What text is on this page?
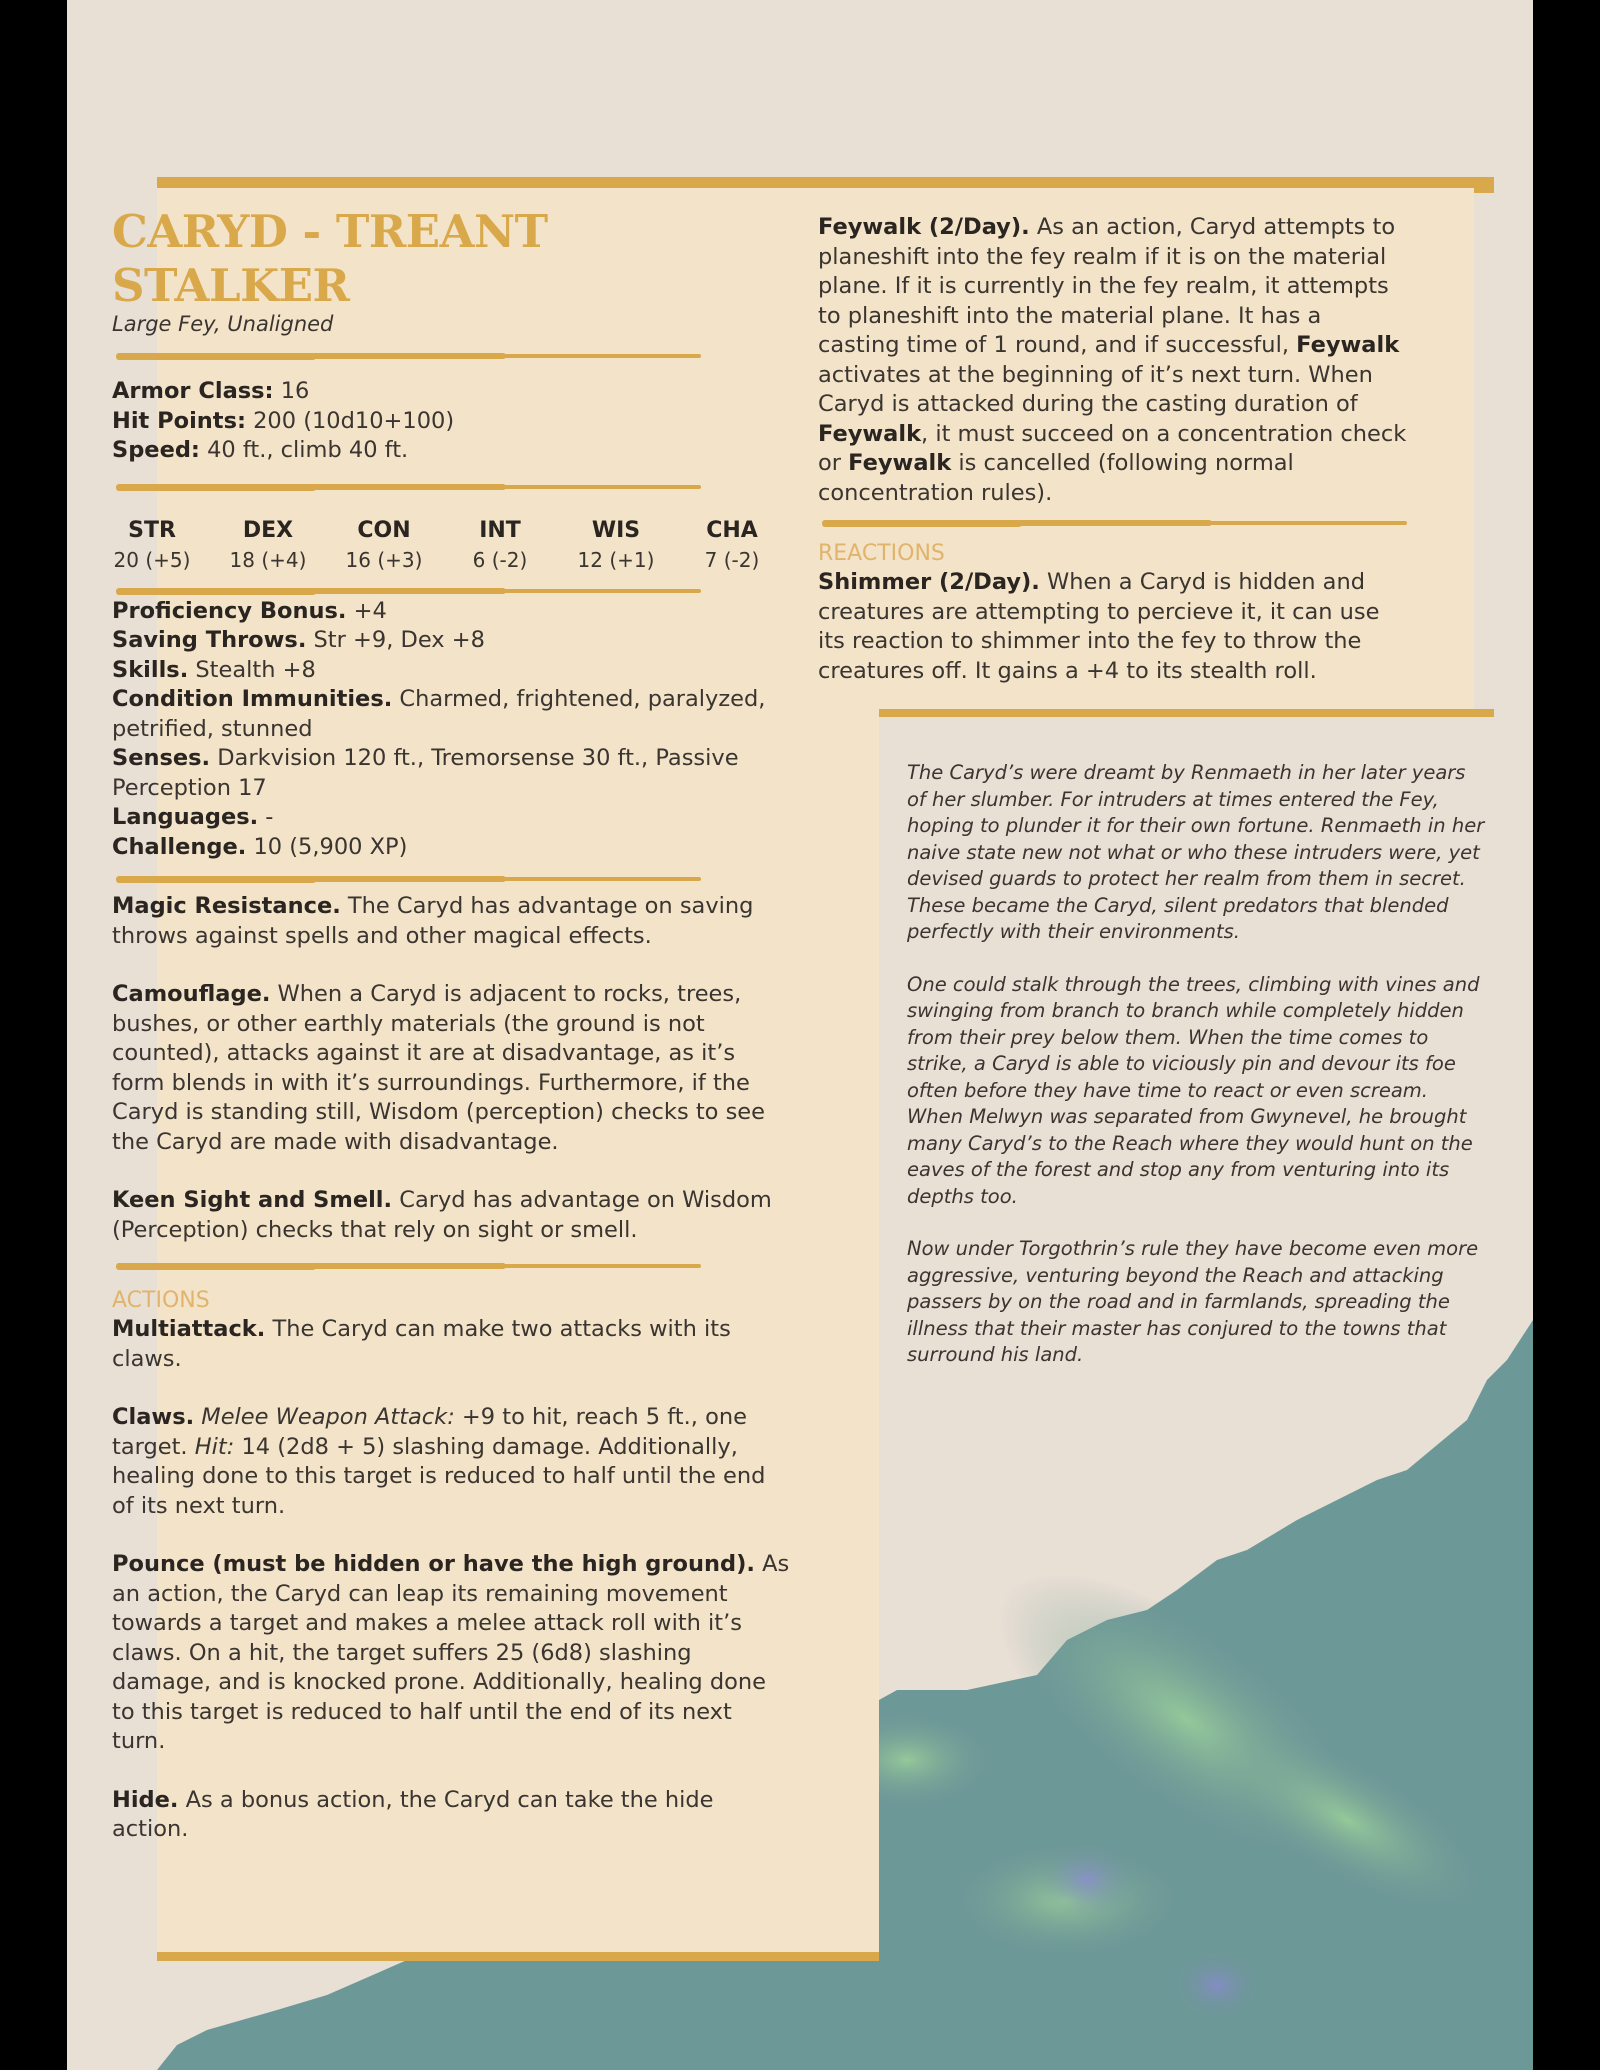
CARYD - TREANT STALKER
Large Fey, Unaligned

Armor Class: 16

Hit Points: 200 (10d10+100)

Speed: 40 ft., climb 40 ft.

STR
20 (+5)
DEX
18 (+4)
CON
16 (+3)
INT
6 (-2)
WIS
12 (+1)
CHA
7 (-2)

Proficiency Bonus. +4

Saving Throws. Str +9, Dex +8

Skills. Stealth +8

Condition Immunities. Charmed, frightened, paralyzed, petrified, stunned

Senses. Darkvision 120 ft., Tremorsense 30 ft., Passive Perception 17

Languages. -

Challenge. 10 (5,900 XP)

Magic Resistance. The Caryd has advantage on saving throws against spells and other magical effects.

Camouflage. When a Caryd is adjacent to rocks, trees, bushes, or other earthly materials (the ground is not counted), attacks against it are at disadvantage, as it’s form blends in with it’s surroundings. Furthermore, if the Caryd is standing still, Wisdom (perception) checks to see the Caryd are made with disadvantage.

Keen Sight and Smell. Caryd has advantage on Wisdom (Perception) checks that rely on sight or smell.

ACTIONS

Multiattack. The Caryd can make two attacks with its claws.

Claws. Melee Weapon Attack: +9 to hit, reach 5 ft., one target. Hit: 14 (2d8 + 5) slashing damage. Additionally, healing done to this target is reduced to half until the end of its next turn.

Pounce (must be hidden or have the high ground). As an action, the Caryd can leap its remaining movement towards a target and makes a melee attack roll with it’s claws. On a hit, the target suffers 25 (6d8) slashing damage, and is knocked prone. Additionally, healing done to this target is reduced to half until the end of its next turn.

Hide. As a bonus action, the Caryd can take the hide action.

Feywalk (2/Day). As an action, Caryd attempts to planeshift into the fey realm if it is on the material plane. If it is currently in the fey realm, it attempts to planeshift into the material plane. It has a casting time of 1 round, and if successful, Feywalk activates at the beginning of it’s next turn. When Caryd is attacked during the casting duration of Feywalk, it must succeed on a concentration check or Feywalk is cancelled (following normal concentration rules).

REACTIONS

Shimmer (2/Day). When a Caryd is hidden and creatures are attempting to percieve it, it can use its reaction to shimmer into the fey to throw the creatures off. It gains a +4 to its stealth roll.

The Caryd’s were dreamt by Renmaeth in her later years of her slumber. For intruders at times entered the Fey, hoping to plunder it for their own fortune. Renmaeth in her naive state new not what or who these intruders were, yet devised guards to protect her realm from them in secret. These became the Caryd, silent predators that blended perfectly with their environments.

One could stalk through the trees, climbing with vines and swinging from branch to branch while completely hidden from their prey below them. When the time comes to strike, a Caryd is able to viciously pin and devour its foe often before they have time to react or even scream. When Melwyn was separated from Gwynevel, he brought many Caryd’s to the Reach where they would hunt on the eaves of the forest and stop any from venturing into its depths too.

Now under Torgothrin’s rule they have become even more aggressive, venturing beyond the Reach and attacking passers by on the road and in farmlands, spreading the illness that their master has conjured to the towns that surround his land.
